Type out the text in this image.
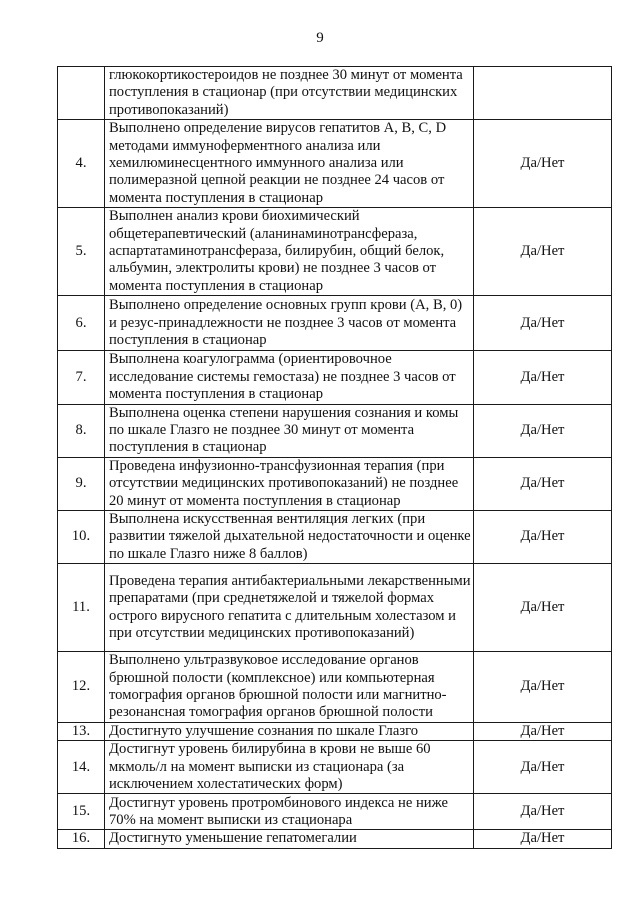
9
	глюкокортикостероидов не позднее 30 минут от момента поступления в стационар (при отсутствии медицинских противопоказаний)	
4.	Выполнено определение вирусов гепатитов А, В, С, D методами иммуноферментного анализа или хемилюминесцентного иммунного анализа или полимеразной цепной реакции не позднее 24 часов от момента поступления в стационар	Да/Нет
5.	Выполнен анализ крови биохимический общетерапевтический (аланинаминотрансфераза, аспартатаминотрансфераза, билирубин, общий белок, альбумин, электролиты крови) не позднее 3 часов от момента поступления в стационар	Да/Нет
6.	Выполнено определение основных групп крови (А, В, 0) и резус-принадлежности не позднее 3 часов от момента поступления в стационар	Да/Нет
7.	Выполнена коагулограмма (ориентировочное исследование системы гемостаза) не позднее 3 часов от момента поступления в стационар	Да/Нет
8.	Выполнена оценка степени нарушения сознания и комы по шкале Глазго не позднее 30 минут от момента поступления в стационар	Да/Нет
9.	Проведена инфузионно-трансфузионная терапия (при отсутствии медицинских противопоказаний) не позднее 20 минут от момента поступления в стационар	Да/Нет
10.	Выполнена искусственная вентиляция легких (при развитии тяжелой дыхательной недостаточности и оценке по шкале Глазго ниже 8 баллов)	Да/Нет
11.	Проведена терапия антибактериальными лекарственными препаратами (при среднетяжелой и тяжелой формах острого вирусного гепатита с длительным холестазом и при отсутствии медицинских противопоказаний)	Да/Нет
12.	Выполнено ультразвуковое исследование органов брюшной полости (комплексное) или компьютерная томография органов брюшной полости или магнитно-резонансная томография органов брюшной полости	Да/Нет
13.	Достигнуто улучшение сознания по шкале Глазго	Да/Нет
14.	Достигнут уровень билирубина в крови не выше 60 мкмоль/л на момент выписки из стационара (за исключением холестатических форм)	Да/Нет
15.	Достигнут уровень протромбинового индекса не ниже 70% на момент выписки из стационара	Да/Нет
16.	Достигнуто уменьшение гепатомегалии	Да/Нет
